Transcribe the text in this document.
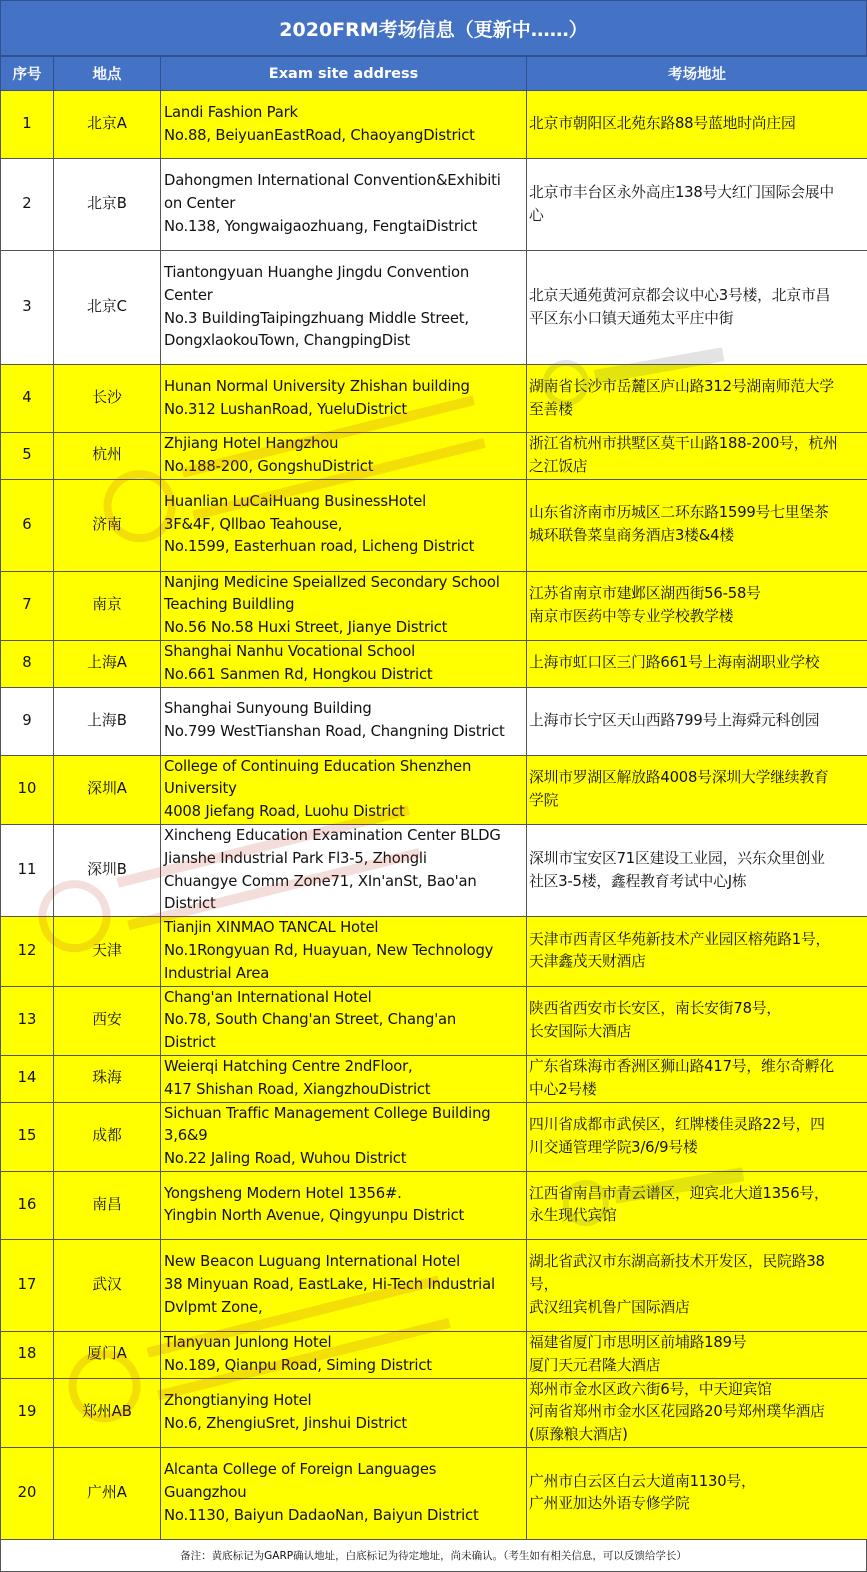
2020FRM考场信息（更新中……）
序号	地点	Exam site address	考场地址
1	北京A	Landi Fashion Park
No.88, BeiyuanEastRoad, ChaoyangDistrict	北京市朝阳区北苑东路88号蓝地时尚庄园

2	北京B	Dahongmen International Convention&Exhibiti
on Center
No.138, Yongwaigaozhuang, FengtaiDistrict	北京市丰台区永外高庄138号大红门国际会展中
心

3	北京C	Tiantongyuan Huanghe Jingdu Convention
Center
No.3 BuildingTaipingzhuang Middle Street,
DongxlaokouTown, ChangpingDist	北京天通苑黄河京都会议中心3号楼，北京市昌
平区东小口镇天通苑太平庄中街

4	长沙	Hunan Normal University Zhishan building
No.312 LushanRoad, YueluDistrict	湖南省长沙市岳麓区庐山路312号湖南师范大学
至善楼

5	杭州	Zhjiang Hotel Hangzhou
No.188-200, GongshuDistrict	浙江省杭州市拱墅区莫干山路188-200号，杭州
之江饭店

6	济南	Huanlian LuCaiHuang BusinessHotel
3F&4F, Qllbao Teahouse,
No.1599, Easterhuan road, Licheng District	山东省济南市历城区二环东路1599号七里堡茶
城环联鲁菜皇商务酒店3楼&4楼

7	南京	Nanjing Medicine Speiallzed Secondary School
Teaching Buildling
No.56 No.58 Huxi Street, Jianye District	江苏省南京市建邺区湖西街56-58号
南京市医药中等专业学校教学楼

8	上海A	Shanghai Nanhu Vocational School
No.661 Sanmen Rd, Hongkou District	上海市虹口区三门路661号上海南湖职业学校

9	上海B	Shanghai Sunyoung Building
No.799 WestTianshan Road, Changning District	上海市长宁区天山西路799号上海舜元科创园

10	深圳A	College of Continuing Education Shenzhen
University
4008 Jiefang Road, Luohu District	深圳市罗湖区解放路4008号深圳大学继续教育
学院

11	深圳B	Xincheng Education Examination Center BLDG
Jianshe Industrial Park Fl3-5, Zhongli
Chuangye Comm Zone71, XIn'anSt, Bao'an
District	深圳市宝安区71区建设工业园，兴东众里创业
社区3-5楼，鑫程教育考试中心J栋

12	天津	Tianjin XINMAO TANCAL Hotel
No.1Rongyuan Rd, Huayuan, New Technology
Industrial Area	天津市西青区华苑新技术产业园区榕苑路1号，
天津鑫茂天财酒店

13	西安	Chang'an International Hotel
No.78, South Chang'an Street, Chang'an
District	陕西省西安市长安区，南长安街78号，
长安国际大酒店

14	珠海	Weierqi Hatching Centre 2ndFloor,
417 Shishan Road, XiangzhouDistrict	广东省珠海市香洲区狮山路417号，维尔奇孵化
中心2号楼

15	成都	Sichuan Traffic Management College Building
3,6&9
No.22 Jaling Road, Wuhou District	四川省成都市武侯区，红牌楼佳灵路22号，四
川交通管理学院3/6/9号楼

16	南昌	Yongsheng Modern Hotel 1356#.
Yingbin North Avenue, Qingyunpu District	江西省南昌市青云谱区，迎宾北大道1356号，
永生现代宾馆

17	武汉	New Beacon Luguang International Hotel
38 Minyuan Road, EastLake, Hi-Tech Industrial
Dvlpmt Zone,	湖北省武汉市东湖高新技术开发区，民院路38
号，
武汉纽宾机鲁广国际酒店

18	厦门A	Tlanyuan Junlong Hotel
No.189, Qianpu Road, Siming District	福建省厦门市思明区前埔路189号
厦门天元君隆大酒店

19	郑州AB	Zhongtianying Hotel
No.6, ZhengiuSret, Jinshui District	郑州市金水区政六街6号，中天迎宾馆
河南省郑州市金水区花园路20号郑州璞华酒店
(原豫粮大酒店)

20	广州A	Alcanta College of Foreign Languages
Guangzhou
No.1130, Baiyun DadaoNan, Baiyun District	广州市白云区白云大道南1130号，
广州亚加达外语专修学院
备注：黄底标记为GARP确认地址，白底标记为待定地址，尚未确认。（考生如有相关信息，可以反馈给学长）
